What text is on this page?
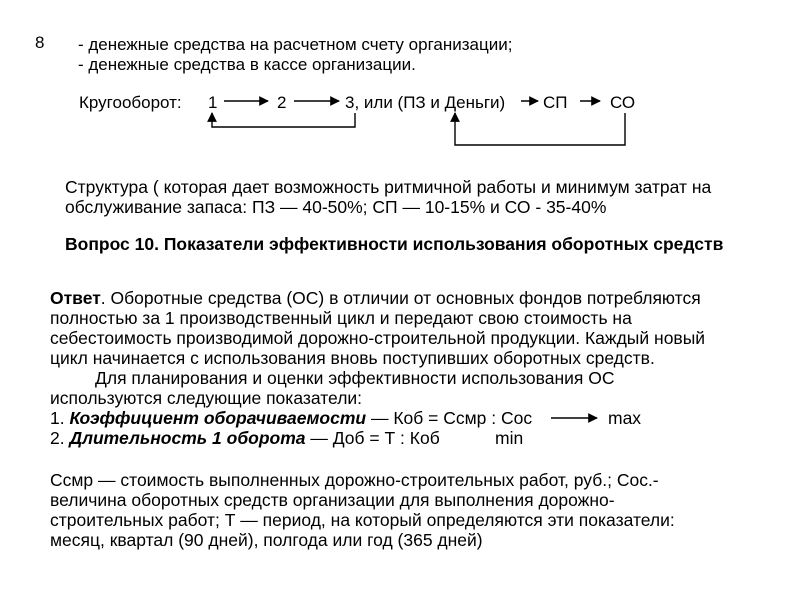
8 - денежные средства на расчетном счету организации;

- денежные средства в кассе организации.

Кругооборот: 1	2	3, или (ПЗ и Деньги) СП	СО

Структура ( которая дает возможность ритмичной работы и минимум затрат на

обслуживание запаса: ПЗ — 40-50%; СП — 10-15% и СО - 35-40%

Вопрос 10. Показатели эффективности использования оборотных средств

Ответ. Оборотные средства (ОС) в отличии от основных фондов потребляются

полностью за 1 производственный цикл и передают свою стоимость на

себестоимость производимой дорожно-строительной продукции. Каждый новый

цикл начинается с использования вновь поступивших оборотных средств.

Для планирования и оценки эффективности использования ОС

используются следующие показатели:

1. Коэффициент оборачиваемости — Коб = Ссмр : Сос	max

2. Длительность 1 оборота — Доб = Т : Коб	min

Ссмр — стоимость выполненных дорожно-строительных работ, руб.; Сос.-

величина оборотных средств организации для выполнения дорожно-

строительных работ; Т — период, на который определяются эти показатели:

месяц, квартал (90 дней), полгода или год (365 дней)
